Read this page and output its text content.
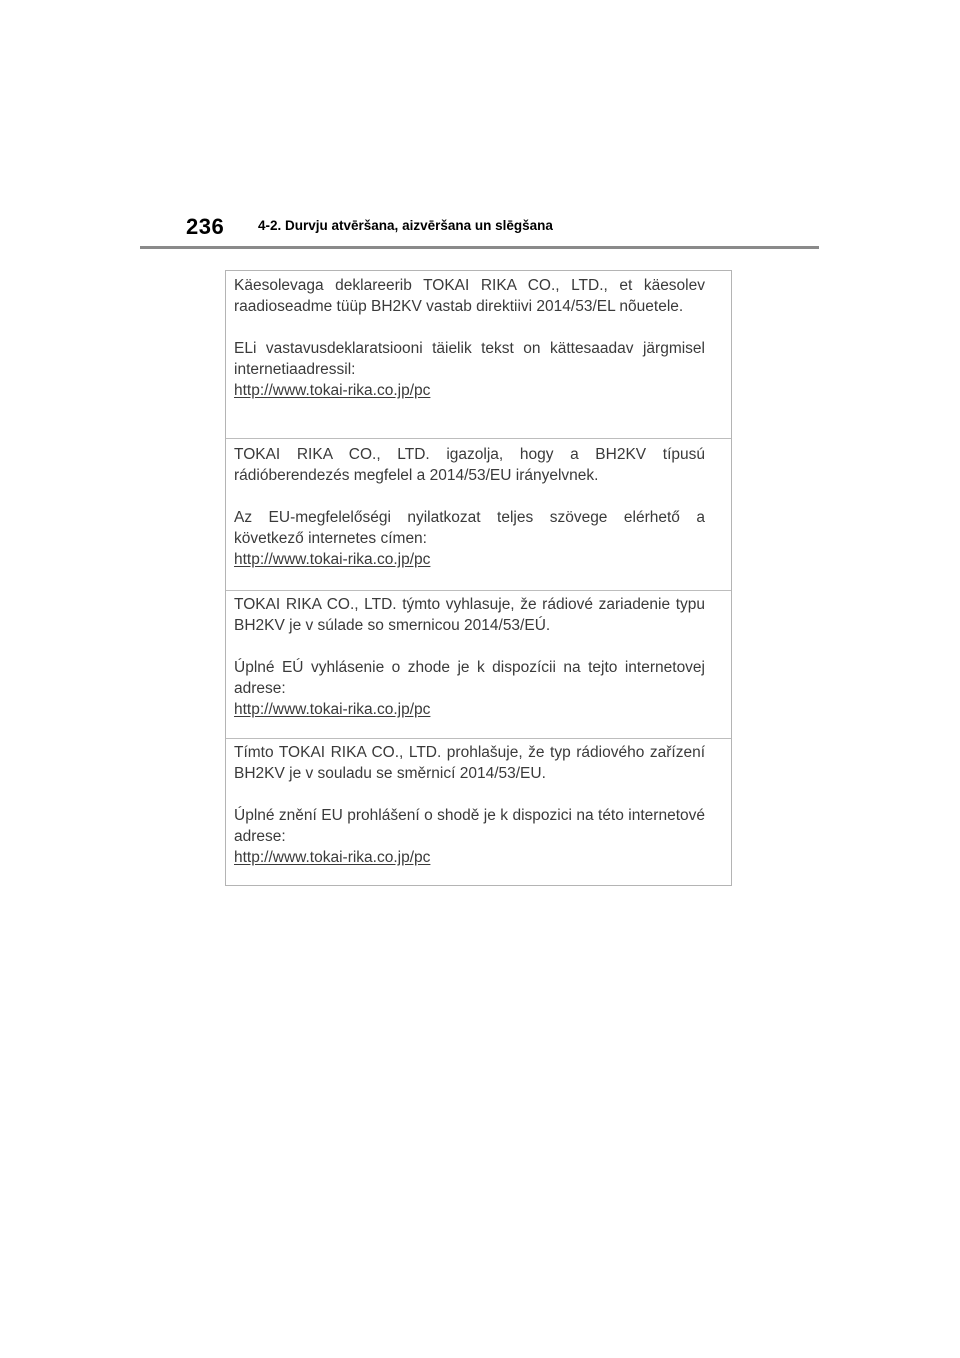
236	4-2. Durvju atvēršana, aizvēršana un slēgšana

Käesolevaga deklareerib TOKAI RIKA CO., LTD., et käesolev raadioseadme tüüp BH2KV vastab direktiivi 2014/53/EL nõuetele.

ELi vastavusdeklaratsiooni täielik tekst on kättesaadav järgmisel internetiaadressil:

http://www.tokai-rika.co.jp/pc

TOKAI RIKA CO., LTD. igazolja, hogy a BH2KV típusú rádióberendezés megfelel a 2014/53/EU irányelvnek.

Az EU-megfelelőségi nyilatkozat teljes szövege elérhető a következő internetes címen:

http://www.tokai-rika.co.jp/pc

TOKAI RIKA CO., LTD. týmto vyhlasuje, že rádiové zariadenie typu BH2KV je v súlade so smernicou 2014/53/EÚ.

Úplné EÚ vyhlásenie o zhode je k dispozícii na tejto internetovej adrese:

http://www.tokai-rika.co.jp/pc

Tímto TOKAI RIKA CO., LTD. prohlašuje, že typ rádiového zařízení BH2KV je v souladu se směrnicí 2014/53/EU.

Úplné znění EU prohlášení o shodě je k dispozici na této internetové adrese:

http://www.tokai-rika.co.jp/pc
